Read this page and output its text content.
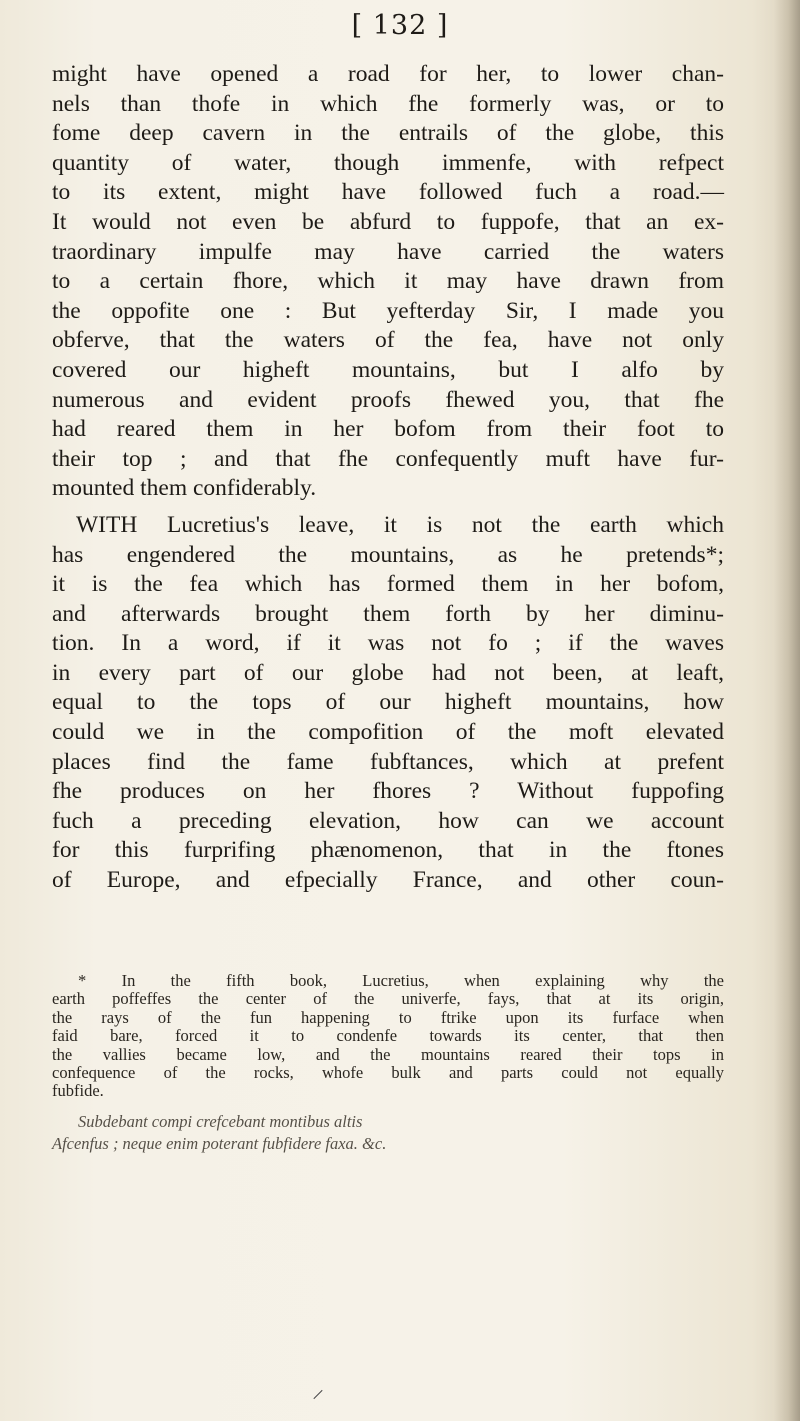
[ 132 ]

might have opened a road for her, to lower chan-
nels than thofe in which fhe formerly was, or to
fome deep cavern in the entrails of the globe, this
quantity of water, though immenfe, with refpect
to its extent, might have followed fuch a road.—
It would not even be abfurd to fuppofe, that an ex-
traordinary impulfe may have carried the waters
to a certain fhore, which it may have drawn from
the oppofite one : But yefterday Sir, I made you
obferve, that the waters of the fea, have not only
covered our higheft mountains, but I alfo by
numerous and evident proofs fhewed you, that fhe
had reared them in her bofom from their foot to
their top ; and that fhe confequently muft have fur-
mounted them confiderably.

WITH Lucretius's leave, it is not the earth which
has engendered the mountains, as he pretends*;
it is the fea which has formed them in her bofom,
and afterwards brought them forth by her diminu-
tion. In a word, if it was not fo ; if the waves
in every part of our globe had not been, at leaft,
equal to the tops of our higheft mountains, how
could we in the compofition of the moft elevated
places find the fame fubftances, which at prefent
fhe produces on her fhores ? Without fuppofing
fuch a preceding elevation, how can we account
for this furprifing phænomenon, that in the ftones
of Europe, and efpecially France, and other coun-

* In the fifth book, Lucretius, when explaining why the
earth poffeffes the center of the univerfe, fays, that at its origin,
the rays of the fun happening to ftrike upon its furface when
faid bare, forced it to condenfe towards its center, that then
the vallies became low, and the mountains reared their tops in
confequence of the rocks, whofe bulk and parts could not equally
fubfide.
Subdebant compi crefcebant montibus altis
Afcenfus ; neque enim poterant fubfidere faxa. &c.
